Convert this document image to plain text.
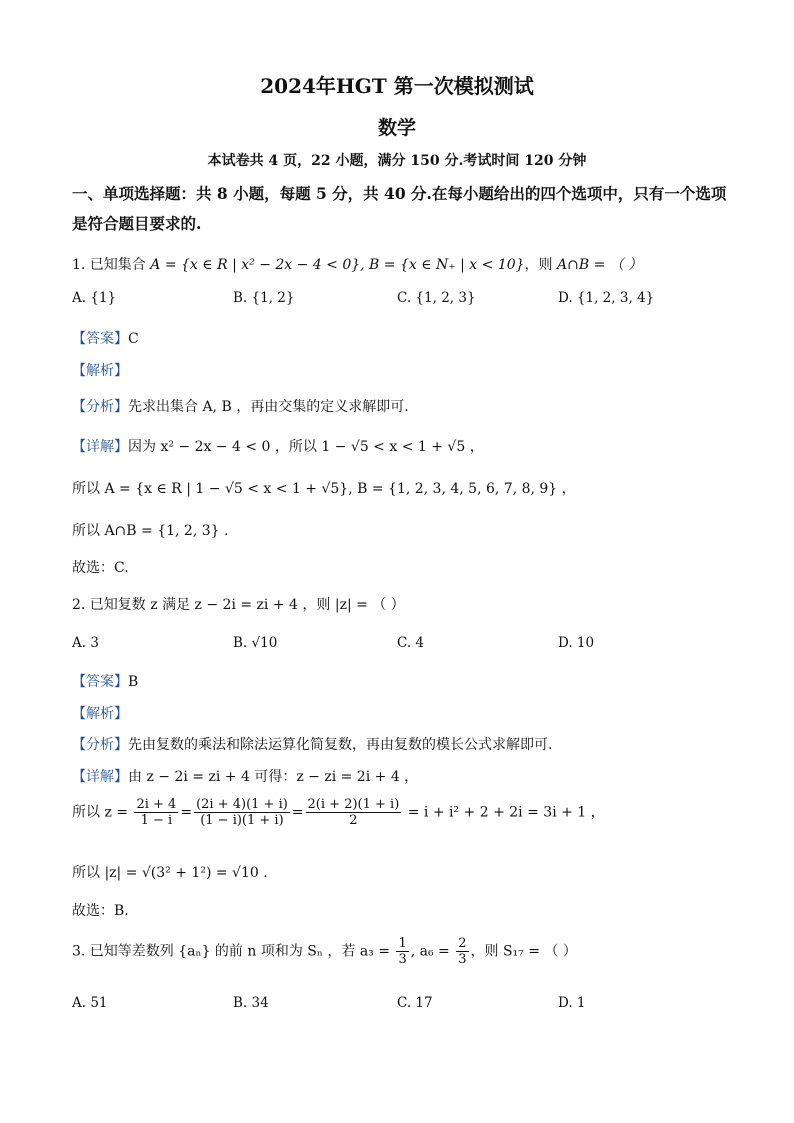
2024年HGT 第一次模拟测试
数学
本试卷共 4 页，22 小题，满分 150 分.考试时间 120 分钟
一、单项选择题：共 8 小题，每题 5 分，共 40 分.在每小题给出的四个选项中，只有一个选项
是符合题目要求的.
1. 已知集合 A = {x ∈ R | x² − 2x − 4 < 0}, B = {x ∈ N₊ | x < 10}，则 A∩B = （ ）
A. {1}	B. {1, 2}	C. {1, 2, 3}	D. {1, 2, 3, 4}
【答案】C
【解析】
【分析】先求出集合 A, B ，再由交集的定义求解即可.
【详解】因为 x² − 2x − 4 < 0 ，所以 1 − √5 < x < 1 + √5 ，
所以 A = {x ∈ R | 1 − √5 < x < 1 + √5}, B = {1, 2, 3, 4, 5, 6, 7, 8, 9} ，
所以 A∩B = {1, 2, 3} .
故选：C.
2. 已知复数 z 满足 z − 2i = zi + 4 ，则 |z| = （ ）
A. 3	B. √10	C. 4	D. 10
【答案】B
【解析】
【分析】先由复数的乘法和除法运算化简复数，再由复数的模长公式求解即可.
【详解】由 z − 2i = zi + 4 可得：z − zi = 2i + 4 ，
所以 $z = \frac{2i + 4}{1 - i} = \frac{(2i + 4)(1 + i)}{(1 - i)(1 + i)} = \frac{2(i + 2)(1 + i)}{2} = i + i^2 + 2 + 2i = 3i + 1$ ，
所以 |z| = √(3² + 1²) = √10 .
故选：B.
3. 已知等差数列 {aₙ} 的前 n 项和为 Sₙ ，若 $a_3 = \frac{1}{3}$ , $a_6 = \frac{2}{3}$ ，则 S₁₇ = （ ）
A. 51	B. 34	C. 17	D. 1
